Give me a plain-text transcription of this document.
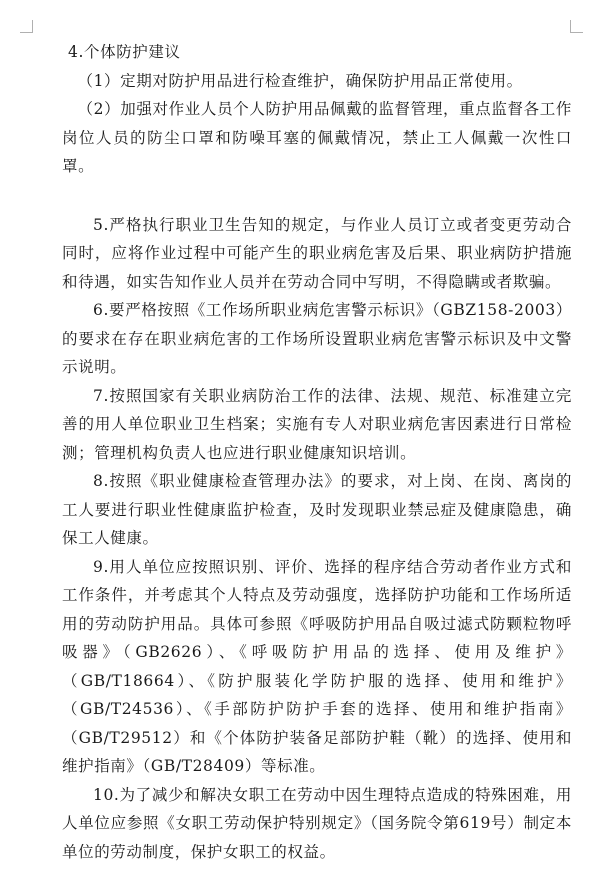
4.个体防护建议

（1）定期对防护用品进行检查维护，确保防护用品正常使用。

（2）加强对作业人员个人防护用品佩戴的监督管理，重点监督各工作岗位人员的防尘口罩和防噪耳塞的佩戴情况，禁止工人佩戴一次性口罩。

5.严格执行职业卫生告知的规定，与作业人员订立或者变更劳动合同时，应将作业过程中可能产生的职业病危害及后果、职业病防护措施和待遇，如实告知作业人员并在劳动合同中写明，不得隐瞒或者欺骗。

6.要严格按照《工作场所职业病危害警示标识》（GBZ158-2003）的要求在存在职业病危害的工作场所设置职业病危害警示标识及中文警示说明。

7.按照国家有关职业病防治工作的法律、法规、规范、标准建立完善的用人单位职业卫生档案；实施有专人对职业病危害因素进行日常检测；管理机构负责人也应进行职业健康知识培训。

8.按照《职业健康检查管理办法》的要求，对上岗、在岗、离岗的工人要进行职业性健康监护检查，及时发现职业禁忌症及健康隐患，确保工人健康。

9.用人单位应按照识别、评价、选择的程序结合劳动者作业方式和工作条件，并考虑其个人特点及劳动强度，选择防护功能和工作场所适用的劳动防护用品。具体可参照《呼吸防护用品自吸过滤式防颗粒物呼吸器》（GB2626）、《呼吸防护用品的选择、使用及维护》（GB/T18664）、《防护服装化学防护服的选择、使用和维护》（GB/T24536）、《手部防护防护手套的选择、使用和维护指南》（GB/T29512）和《个体防护装备足部防护鞋（靴）的选择、使用和维护指南》（GB/T28409）等标准。

10.为了减少和解决女职工在劳动中因生理特点造成的特殊困难，用人单位应参照《女职工劳动保护特别规定》（国务院令第619号）制定本单位的劳动制度，保护女职工的权益。
